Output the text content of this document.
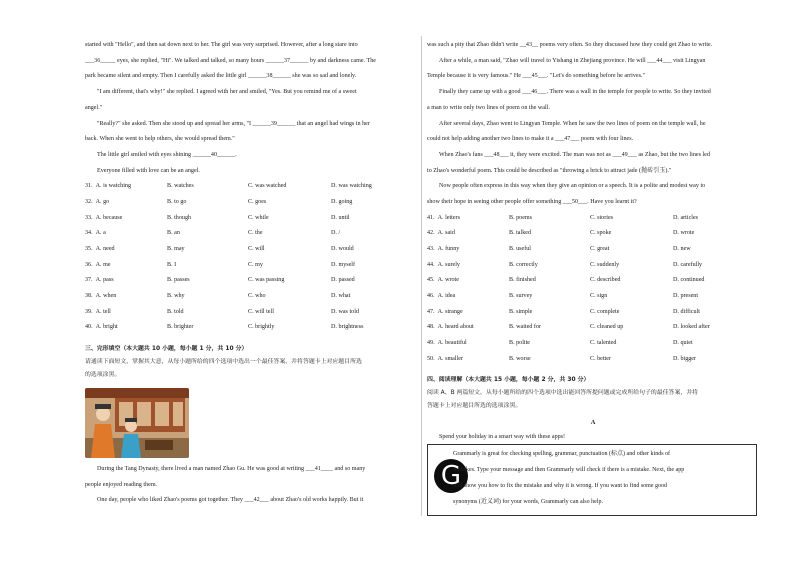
started with "Hello", and then sat down next to her. The girl was very surprised. However, after a long stare into

___36_____ eyes, she replied, "Hi". We talked and talked, so many hours ______37______ by and darkness came. The

park became silent and empty. Then I carefully asked the little girl ______38______ she was so sad and lonely.

"I am different, that's why!" she replied. I agreed with her and smiled, "Yes. But you remind me of a sweet

angel."

"Really?" she asked. Then she stood up and spread her arms, "I ______39______ that an angel had wings in her

back. When she went to help others, she would spread them."

The little girl smiled with eyes shining ______40______.

Everyone filled with love can be an angel.

31. A. is watching	B. watches	C. was watched	D. was watching
32. A. go	B. to go	C. goes	D. going
33. A. because	B. though	C. while	D. until
34. A. a	B. an	C. the	D. /
35. A. need	B. may	C. will	D. would
36. A. me	B. I	C. my	D. myself
37. A. pass	B. passes	C. was passing	D. passed
38. A. when	B. why	C. who	D. what
39. A. tell	B. told	C. will tell	D. was told
40. A. bright	B. brighter	C. brightly	D. brightness

三、完形填空（本大题共 10 小题，每小题 1 分，共 10 分）

请通读下面短文，掌握其大意，从每小题所给的四个选项中选出一个最佳答案，并将答题卡上对应题目所选

的选项涂黑。

During the Tang Dynasty, there lived a man named Zhao Gu. He was good at writing ___41____ and so many

people enjoyed reading them.

One day, people who liked Zhao's poems got together. They ___42___ about Zhao's old works happily. But it

was such a pity that Zhao didn't write __43__ poems very often. So they discussed how they could get Zhao to write.

After a while, a man said, "Zhao will travel to Yishang in Zhejiang province. He will ___44___ visit Lingyan

Temple because it is very famous." He ___45___. "Let's do something before he arrives."

Finally they came up with a good ___46___. There was a wall in the temple for people to write. So they invited

a man to write only two lines of poem on the wall.

After several days, Zhao went to Lingyan Temple. When he saw the two lines of poem on the temple wall, he

could not help adding another two lines to make it a ___47___ poem with four lines.

When Zhao's fans ___48___ it, they were excited. The man was not as ___49___ as Zhao, but the two lines led

to Zhao's wonderful poem. This could be described as "throwing a brick to attract jade (抛砖引玉)."

Now people often express in this way when they give an opinion or a speech. It is a polite and modest way to

show their hope in seeing other people offer something ___50___. Have you learnt it?

41. A. letters	B. poems	C. stories	D. articles
42. A. said	B. talked	C. spoke	D. wrote
43. A. funny	B. useful	C. great	D. new
44. A. surely	B. correctly	C. suddenly	D. carefully
45. A. wrote	B. finished	C. described	D. continued
46. A. idea	B. survey	C. sign	D. present
47. A. strange	B. simple	C. complete	D. difficult
48. A. heard about	B. waited for	C. cleaned up	D. looked after
49. A. beautiful	B. polite	C. talented	D. quiet
50. A. smaller	B. worse	C. better	D. bigger

四、阅读理解（本大题共 15 小题，每小题 2 分，共 30 分）

阅读 A、B 两篇短文，从每小题所给的四个选项中选出能回答所提问题或完成所给句子的最佳答案，并将

答题卡上对应题目所选的选项涂黑。

A

Spend your holiday in a smart way with these apps!

G

Grammarly is great for checking spelling, grammar, punctuation (标点) and other kinds of

mistakes. Type your message and then Grammarly will check if there is a mistake. Next, the app

will show you how to fix the mistake and why it is wrong. If you want to find some good

synonyms (近义词) for your words, Grammarly can also help.
